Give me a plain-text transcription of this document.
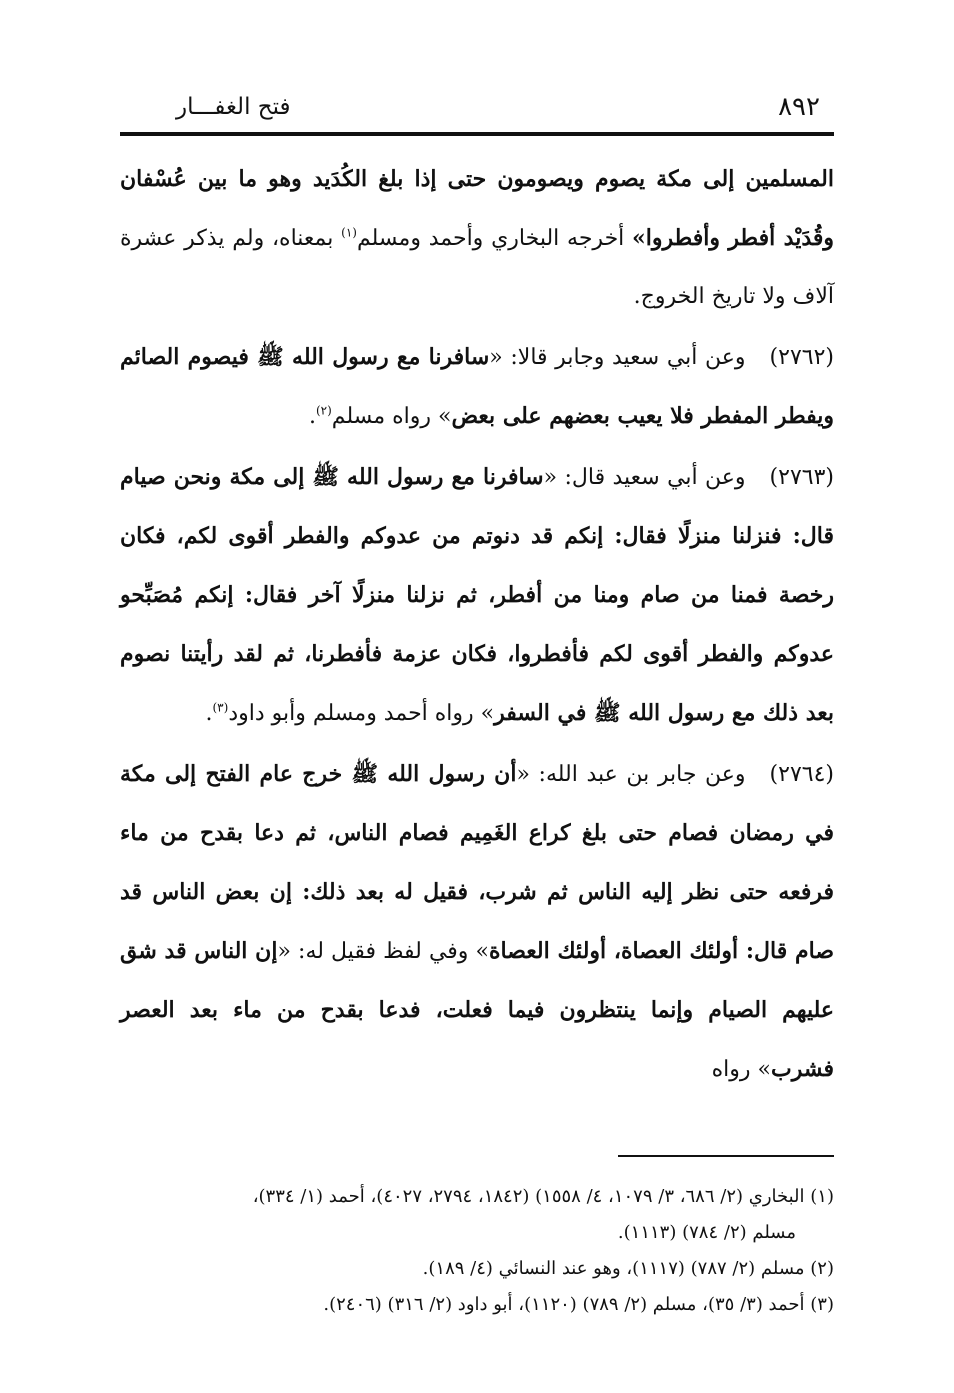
٨٩٢
فتح الغفـــار

المسلمين إلى مكة يصوم ويصومون حتى إذا بلغ الكُدَيد وهو ما بين عُسْفان وقُدَيْد أفطر وأفطروا» أخرجه البخاري وأحمد ومسلم$^{(١)}$ بمعناه، ولم يذكر عشرة آلاف ولا تاريخ الخروج.

(٢٧٦٢)وعن أبي سعيد وجابر قالا: «سافرنا مع رسول الله ﷺ فيصوم الصائم ويفطر المفطر فلا يعيب بعضهم على بعض» رواه مسلم$^{(٢)}$.

(٢٧٦٣)وعن أبي سعيد قال: «سافرنا مع رسول الله ﷺ إلى مكة ونحن صيام قال: فنزلنا منزلًا فقال: إنكم قد دنوتم من عدوكم والفطر أقوى لكم، فكان رخصة فمنا من صام ومنا من أفطر، ثم نزلنا منزلًا آخر فقال: إنكم مُصَبِّحو عدوكم والفطر أقوى لكم فأفطروا، فكان عزمة فأفطرنا، ثم لقد رأيتنا نصوم بعد ذلك مع رسول الله ﷺ في السفر» رواه أحمد ومسلم وأبو داود$^{(٣)}$.

(٢٧٦٤)وعن جابر بن عبد الله: «أن رسول الله ﷺ خرج عام الفتح إلى مكة في رمضان فصام حتى بلغ كراع الغَمِيم فصام الناس، ثم دعا بقدح من ماء فرفعه حتى نظر إليه الناس ثم شرب، فقيل له بعد ذلك: إن بعض الناس قد صام قال: أولئك العصاة، أولئك العصاة» وفي لفظ فقيل له: «إن الناس قد شق عليهم الصيام وإنما ينتظرون فيما فعلت، فدعا بقدح من ماء بعد العصر فشرب» رواه

(١) البخاري (٢/ ٦٨٦، ٣/ ١٠٧٩، ٤/ ١٥٥٨) (١٨٤٢، ٢٧٩٤، ٤٠٢٧)، أحمد (١/ ٣٣٤)،

مسلم (٢/ ٧٨٤) (١١١٣).

(٢) مسلم (٢/ ٧٨٧) (١١١٧)، وهو عند النسائي (٤/ ١٨٩).

(٣) أحمد (٣/ ٣٥)، مسلم (٢/ ٧٨٩) (١١٢٠)، أبو داود (٢/ ٣١٦) (٢٤٠٦).
